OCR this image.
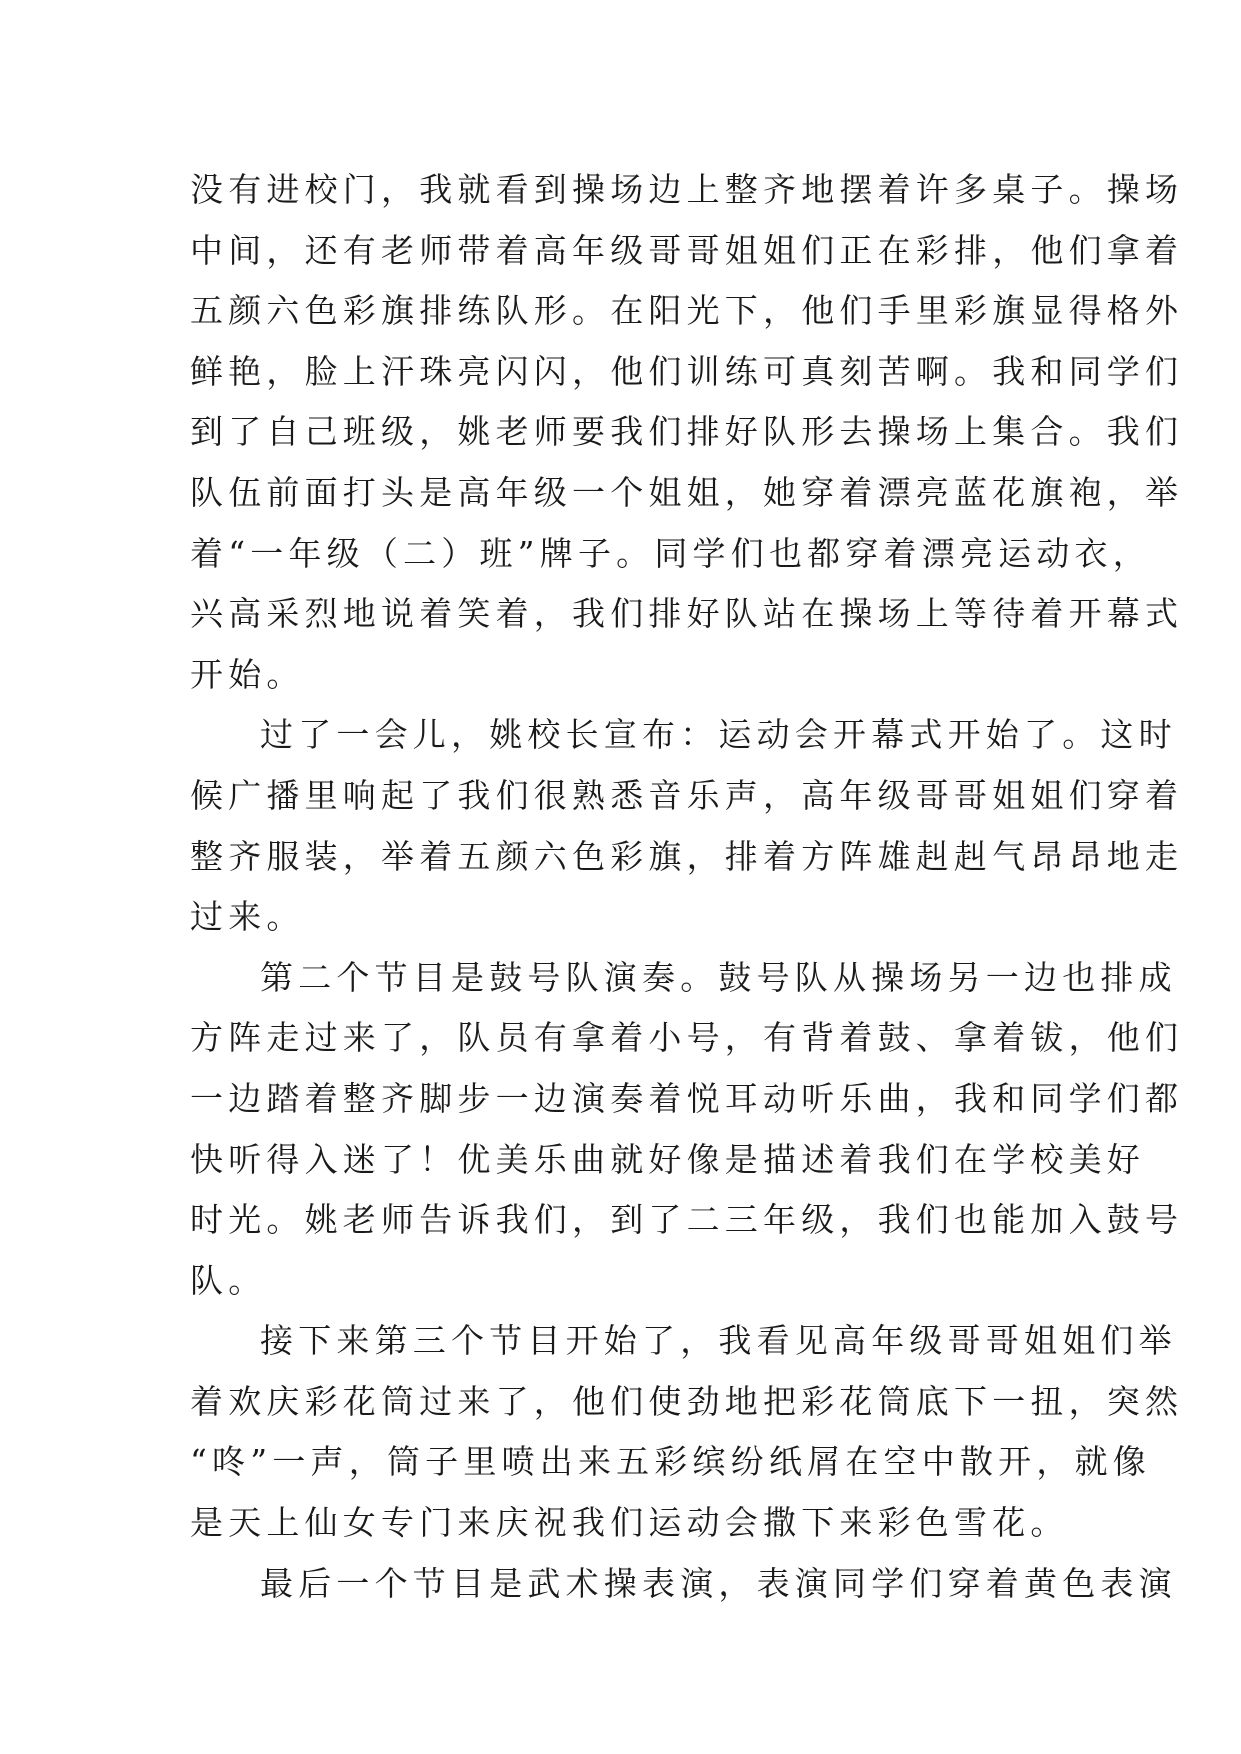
没有进校门，我就看到操场边上整齐地摆着许多桌子。操场
中间，还有老师带着高年级哥哥姐姐们正在彩排，他们拿着
五颜六色彩旗排练队形。在阳光下，他们手里彩旗显得格外
鲜艳，脸上汗珠亮闪闪，他们训练可真刻苦啊。我和同学们
到了自己班级，姚老师要我们排好队形去操场上集合。我们
队伍前面打头是高年级一个姐姐，她穿着漂亮蓝花旗袍，举
着“一年级（二）班”牌子。同学们也都穿着漂亮运动衣，
兴高采烈地说着笑着，我们排好队站在操场上等待着开幕式
开始。
过了一会儿，姚校长宣布：运动会开幕式开始了。这时
候广播里响起了我们很熟悉音乐声，高年级哥哥姐姐们穿着
整齐服装，举着五颜六色彩旗，排着方阵雄赳赳气昂昂地走
过来。
第二个节目是鼓号队演奏。鼓号队从操场另一边也排成
方阵走过来了，队员有拿着小号，有背着鼓、拿着钹，他们
一边踏着整齐脚步一边演奏着悦耳动听乐曲，我和同学们都
快听得入迷了！优美乐曲就好像是描述着我们在学校美好
时光。姚老师告诉我们，到了二三年级，我们也能加入鼓号
队。
接下来第三个节目开始了，我看见高年级哥哥姐姐们举
着欢庆彩花筒过来了，他们使劲地把彩花筒底下一扭，突然
“咚”一声，筒子里喷出来五彩缤纷纸屑在空中散开，就像
是天上仙女专门来庆祝我们运动会撒下来彩色雪花。
最后一个节目是武术操表演，表演同学们穿着黄色表演
